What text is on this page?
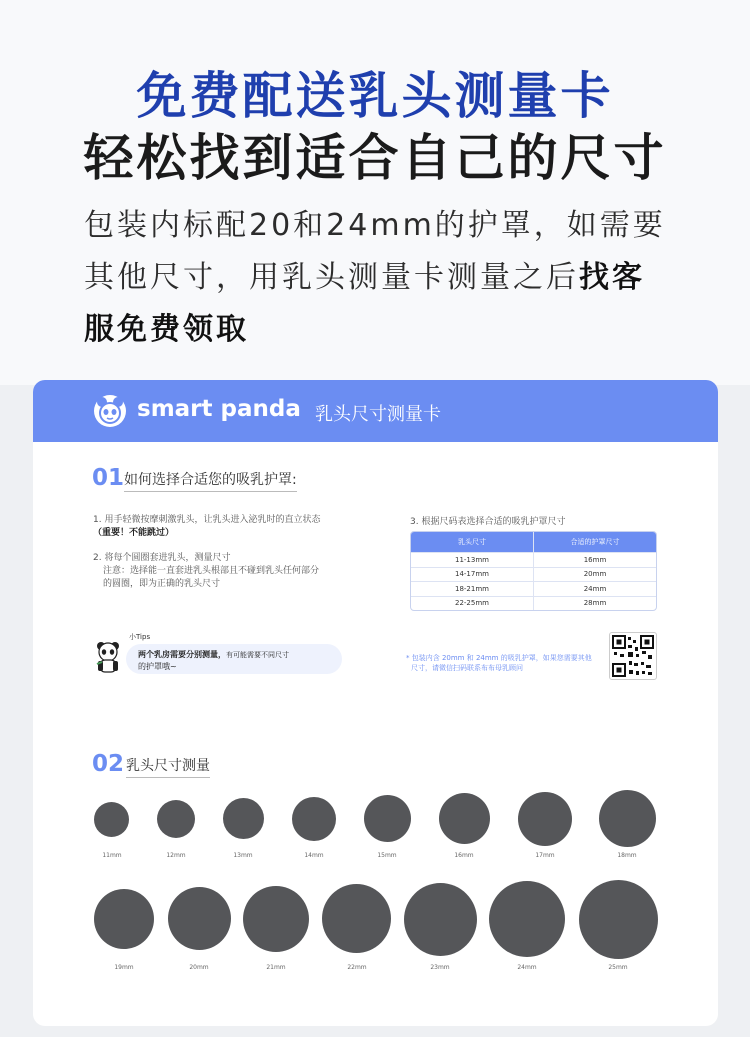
免费配送乳头测量卡
轻松找到适合自己的尺寸
包装内标配20和24mm的护罩，如需要
其他尺寸，用乳头测量卡测量之后找客
服免费领取
smart panda 乳头尺寸测量卡
01 如何选择合适您的吸乳护罩:

1. 用手轻微按摩刺激乳头，让乳头进入泌乳时的直立状态
（重要！不能跳过）

2. 将每个圆圈套进乳头，测量尺寸
注意：选择能一直套进乳头根部且不碰到乳头任何部分
的圆圈，即为正确的乳头尺寸

3. 根据尺码表选择合适的吸乳护罩尺寸
乳头尺寸	合适的护罩尺寸
11-13mm	16mm
14-17mm	20mm
18-21mm	24mm
22-25mm	28mm
小Tips
两个乳房需要分别测量，有可能需要不同尺寸
的护罩哦~
* 包装内含 20mm 和 24mm 的吸乳护罩，如果您需要其他
尺寸，请微信扫码联系布布母乳顾问
02 乳头尺寸测量
11mm	12mm	13mm	14mm	15mm	16mm	17mm	18mm
19mm	20mm	21mm	22mm	23mm	24mm	25mm
